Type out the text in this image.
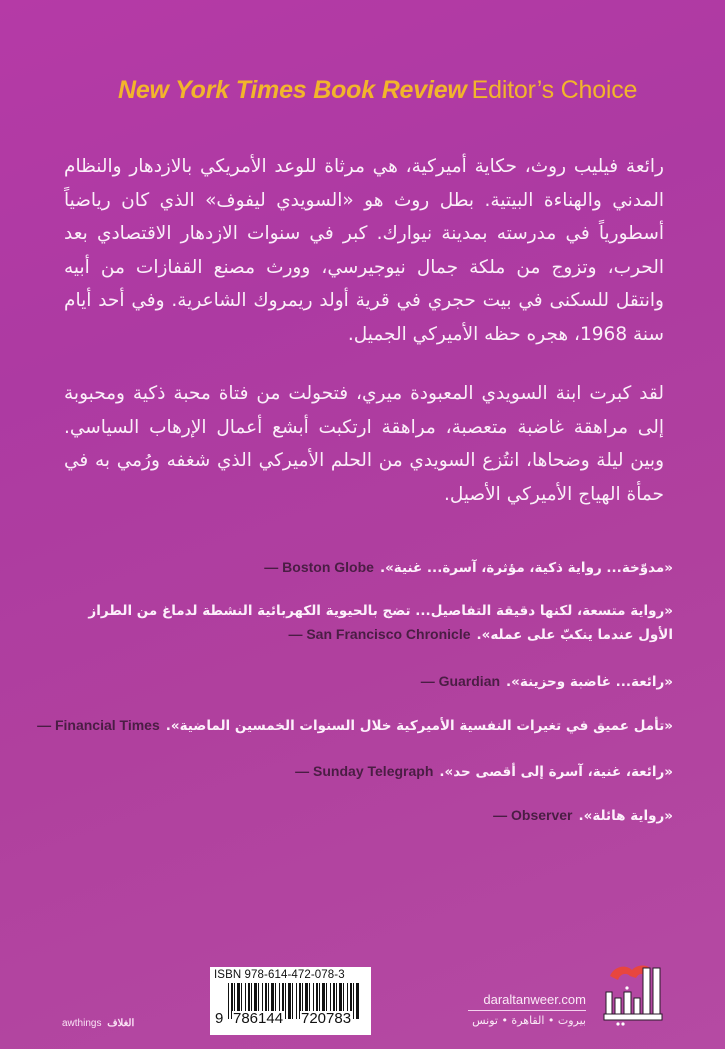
New York Times Book Review Editor’s Choice

رائعة فيليب روث، حكاية أميركية، هي مرثاة للوعد الأمريكي بالازدهار والنظام المدني والهناءة البيتية. بطل روث هو «السويدي ليفوف» الذي كان رياضياً أسطورياً في مدرسته بمدينة نيوارك. كبر في سنوات الازدهار الاقتصادي بعد الحرب، وتزوج من ملكة جمال نيوجيرسي، وورث مصنع القفازات من أبيه وانتقل للسكنى في بيت حجري في قرية أولد ريمروك الشاعرية. وفي أحد أيام سنة 1968، هجره حظه الأميركي الجميل.

لقد كبرت ابنة السويدي المعبودة ميري، فتحولت من فتاة محبة ذكية ومحبوبة إلى مراهقة غاضبة متعصبة، مراهقة ارتكبت أبشع أعمال الإرهاب السياسي. وبين ليلة وضحاها، انتُزع السويدي من الحلم الأميركي الذي شغفه ورُمي به في حمأة الهياج الأميركي الأصيل.

«مدوّخة... رواية ذكية، مؤثرة، آسرة... غنية».— Boston Globe
«رواية متسعة، لكنها دقيقة التفاصيل... تضج بالحيوية الكهربائية النشطة لدماغ من الطراز الأول عندما ينكبّ على عمله».— San Francisco Chronicle
«رائعة... غاضبة وحزينة».— Guardian
«تأمل عميق في تغيرات النفسية الأميركية خلال السنوات الخمسين الماضية».— Financial Times
«رائعة، غنية، آسرة إلى أقصى حد».— Sunday Telegraph
«رواية هائلة».— Observer
ISBN 978-614-472-078-3
9 786144 720783
daraltanweer.com
بيروت • القاهرة • تونس
awthings الغلاف
